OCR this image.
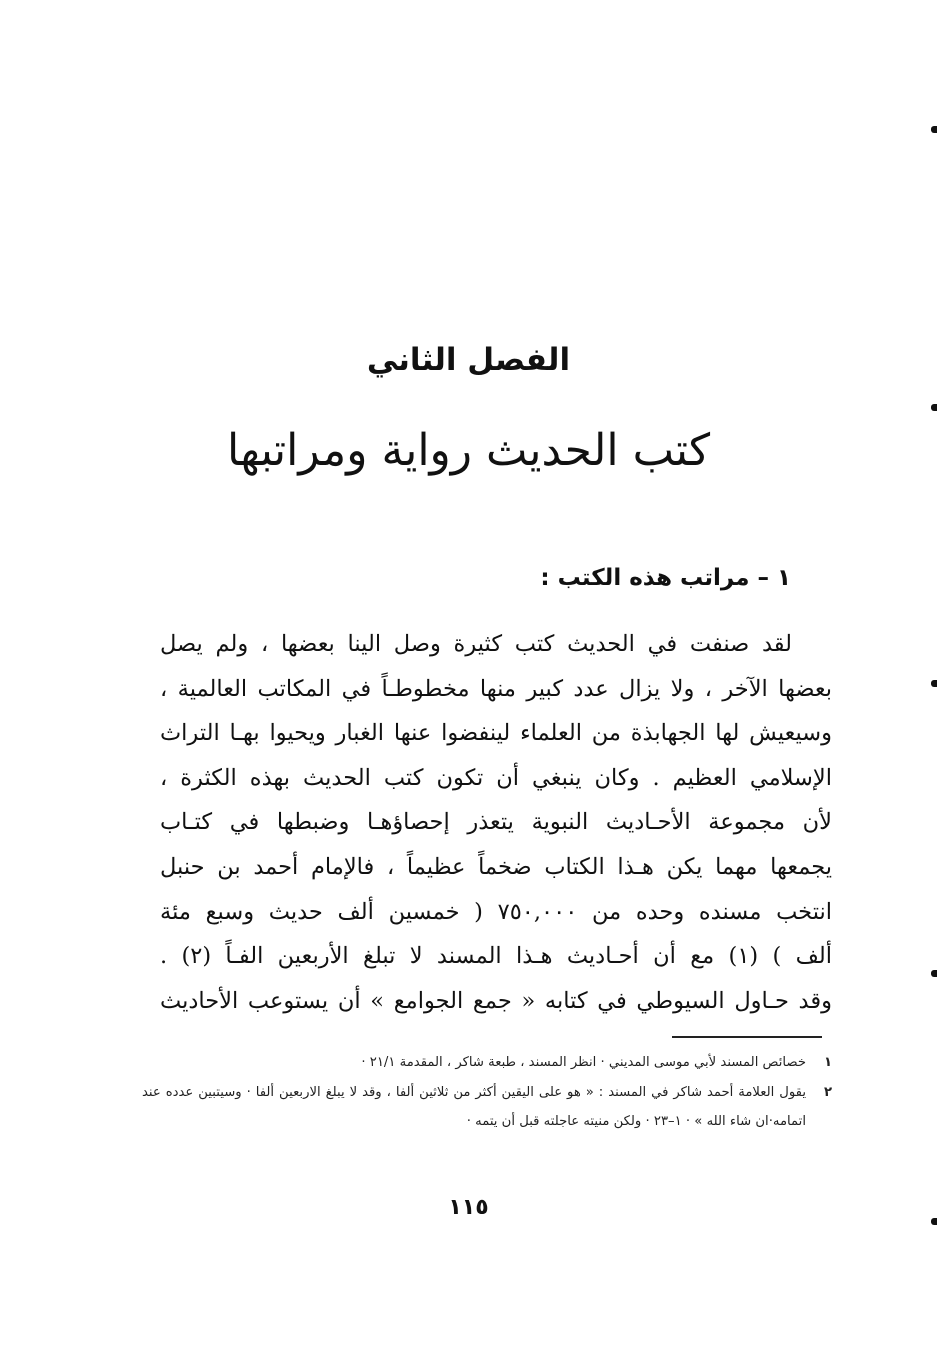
الفصل الثاني
كتب الحديث رواية ومراتبها
١ – مراتب هذه الكتب :
لقد صنفت في الحديث كتب كثيرة وصل الينا بعضها ، ولم يصل
بعضها الآخر ، ولا يزال عدد كبير منها مخطوطـاً في المكاتب العالمية ،
وسيعيش لها الجهابذة من العلماء لينفضوا عنها الغبار ويحيوا بهـا التراث
الإسلامي العظيم . وكان ينبغي أن تكون كتب الحديث بهذه الكثرة ،
لأن مجموعة الأحـاديث النبوية يتعذر إحصاؤهـا وضبطها في كتـاب
يجمعها مهما يكن هـذا الكتاب ضخماً عظيماً ، فالإمام أحمد بن حنبل
انتخب مسنده وحده من ٧٥٠,٠٠٠ ( خمسين ألف حديث وسبع مئة
ألف ) (١) مع أن أحـاديث هـذا المسند لا تبلغ الأربعين الفـاً (٢) .
وقد حـاول السيوطي في كتابه « جمع الجوامع » أن يستوعب الأحاديث
١
خصائص المسند لأبي موسى المديني · انظر المسند ، طبعة شاكر ، المقدمة ٢١/١ ·
٢
يقول العلامة أحمد شاكر في المسند : « هو على اليقين أكثر من ثلاثين ألفا ، وقد لا يبلغ الاربعين ألفا · وسيتبين عدده عند اتمامه·ان شاء الله » · ١–٢٣ · ولكن منيته عاجلته قبل أن يتمه ·
١١٥
